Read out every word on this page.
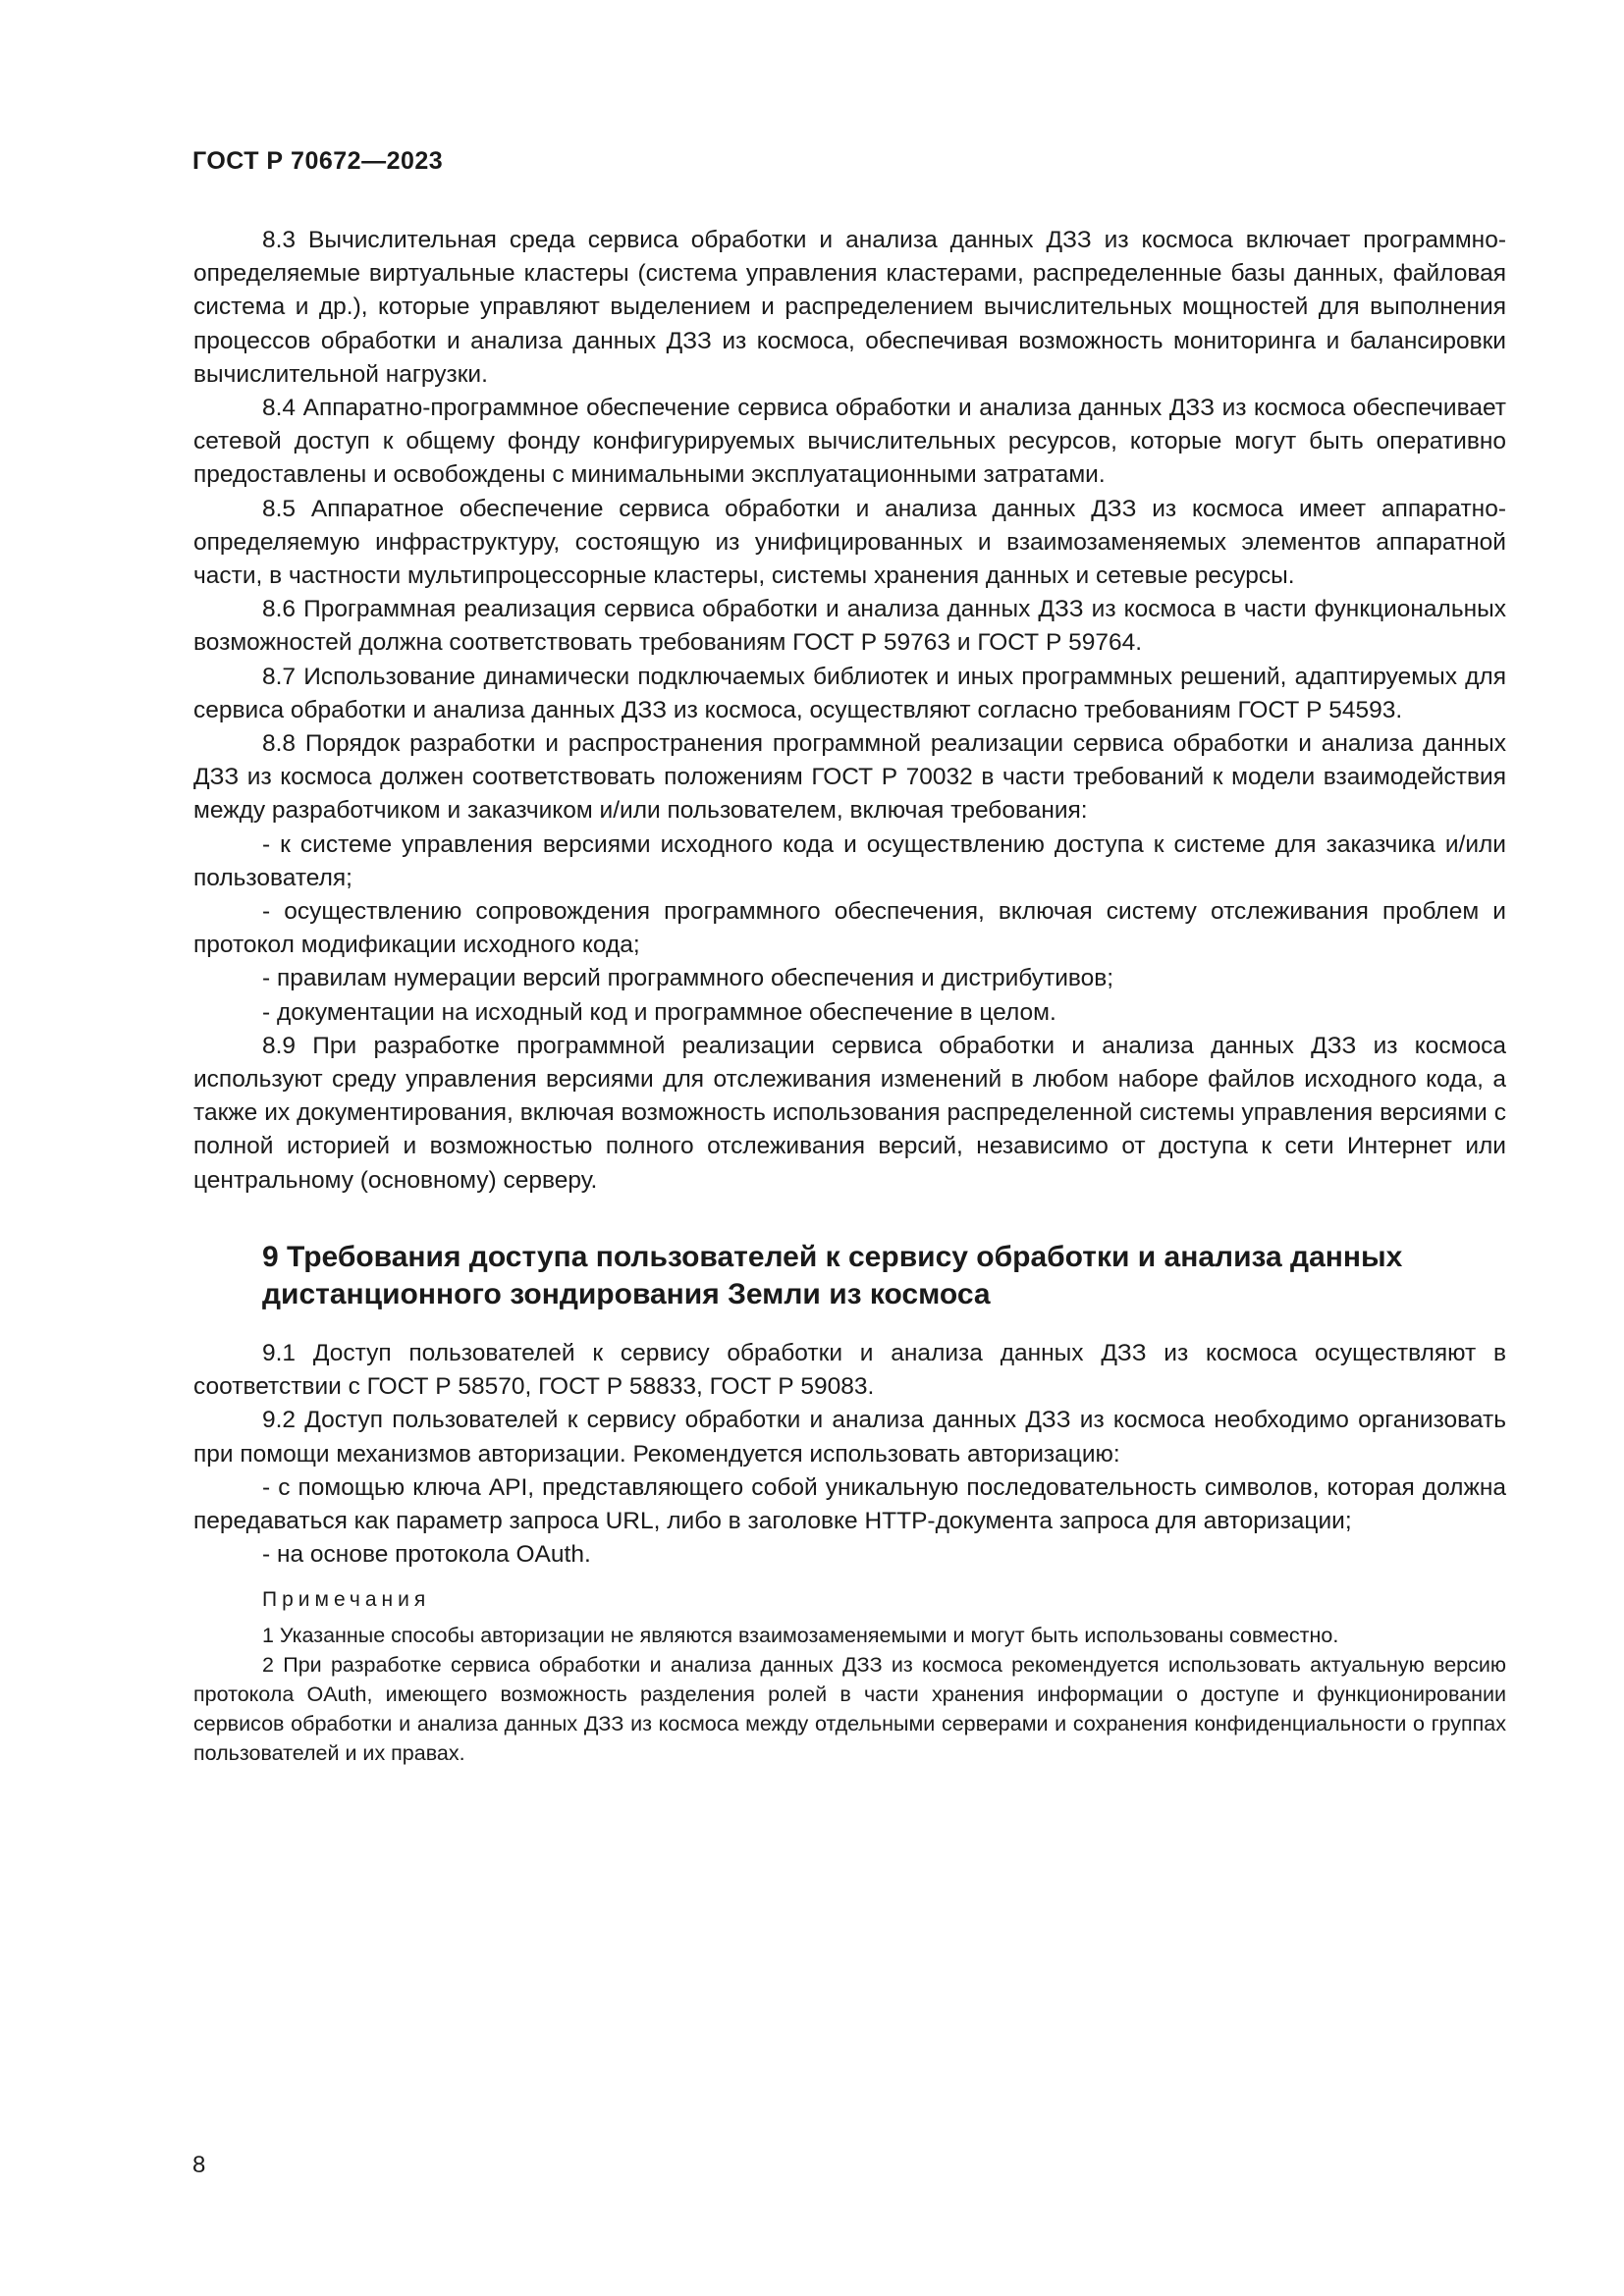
ГОСТ Р 70672—2023

8.3 Вычислительная среда сервиса обработки и анализа данных ДЗЗ из космоса включает программно-определяемые виртуальные кластеры (система управления кластерами, распределенные базы данных, файловая система и др.), которые управляют выделением и распределением вычислительных мощностей для выполнения процессов обработки и анализа данных ДЗЗ из космоса, обеспечивая возможность мониторинга и балансировки вычислительной нагрузки.

8.4 Аппаратно-программное обеспечение сервиса обработки и анализа данных ДЗЗ из космоса обеспечивает сетевой доступ к общему фонду конфигурируемых вычислительных ресурсов, которые могут быть оперативно предоставлены и освобождены с минимальными эксплуатационными затратами.

8.5 Аппаратное обеспечение сервиса обработки и анализа данных ДЗЗ из космоса имеет аппаратно-определяемую инфраструктуру, состоящую из унифицированных и взаимозаменяемых элементов аппаратной части, в частности мультипроцессорные кластеры, системы хранения данных и сетевые ресурсы.

8.6 Программная реализация сервиса обработки и анализа данных ДЗЗ из космоса в части функциональных возможностей должна соответствовать требованиям ГОСТ Р 59763 и ГОСТ Р 59764.

8.7 Использование динамически подключаемых библиотек и иных программных решений, адаптируемых для сервиса обработки и анализа данных ДЗЗ из космоса, осуществляют согласно требованиям ГОСТ Р 54593.

8.8 Порядок разработки и распространения программной реализации сервиса обработки и анализа данных ДЗЗ из космоса должен соответствовать положениям ГОСТ Р 70032 в части требований к модели взаимодействия между разработчиком и заказчиком и/или пользователем, включая требования:

- к системе управления версиями исходного кода и осуществлению доступа к системе для заказчика и/или пользователя;

- осуществлению сопровождения программного обеспечения, включая систему отслеживания проблем и протокол модификации исходного кода;

- правилам нумерации версий программного обеспечения и дистрибутивов;

- документации на исходный код и программное обеспечение в целом.

8.9 При разработке программной реализации сервиса обработки и анализа данных ДЗЗ из космоса используют среду управления версиями для отслеживания изменений в любом наборе файлов исходного кода, а также их документирования, включая возможность использования распределенной системы управления версиями с полной историей и возможностью полного отслеживания версий, независимо от доступа к сети Интернет или центральному (основному) серверу.

9 Требования доступа пользователей к сервису обработки и анализа данных дистанционного зондирования Земли из космоса

9.1 Доступ пользователей к сервису обработки и анализа данных ДЗЗ из космоса осуществляют в соответствии с ГОСТ Р 58570, ГОСТ Р 58833, ГОСТ Р 59083.

9.2 Доступ пользователей к сервису обработки и анализа данных ДЗЗ из космоса необходимо организовать при помощи механизмов авторизации. Рекомендуется использовать авторизацию:

- с помощью ключа API, представляющего собой уникальную последовательность символов, которая должна передаваться как параметр запроса URL, либо в заголовке HTTP-документа запроса для авторизации;

- на основе протокола OAuth.

Примечания

1 Указанные способы авторизации не являются взаимозаменяемыми и могут быть использованы совместно.

2 При разработке сервиса обработки и анализа данных ДЗЗ из космоса рекомендуется использовать актуальную версию протокола OAuth, имеющего возможность разделения ролей в части хранения информации о доступе и функционировании сервисов обработки и анализа данных ДЗЗ из космоса между отдельными серверами и сохранения конфиденциальности о группах пользователей и их правах.

8
